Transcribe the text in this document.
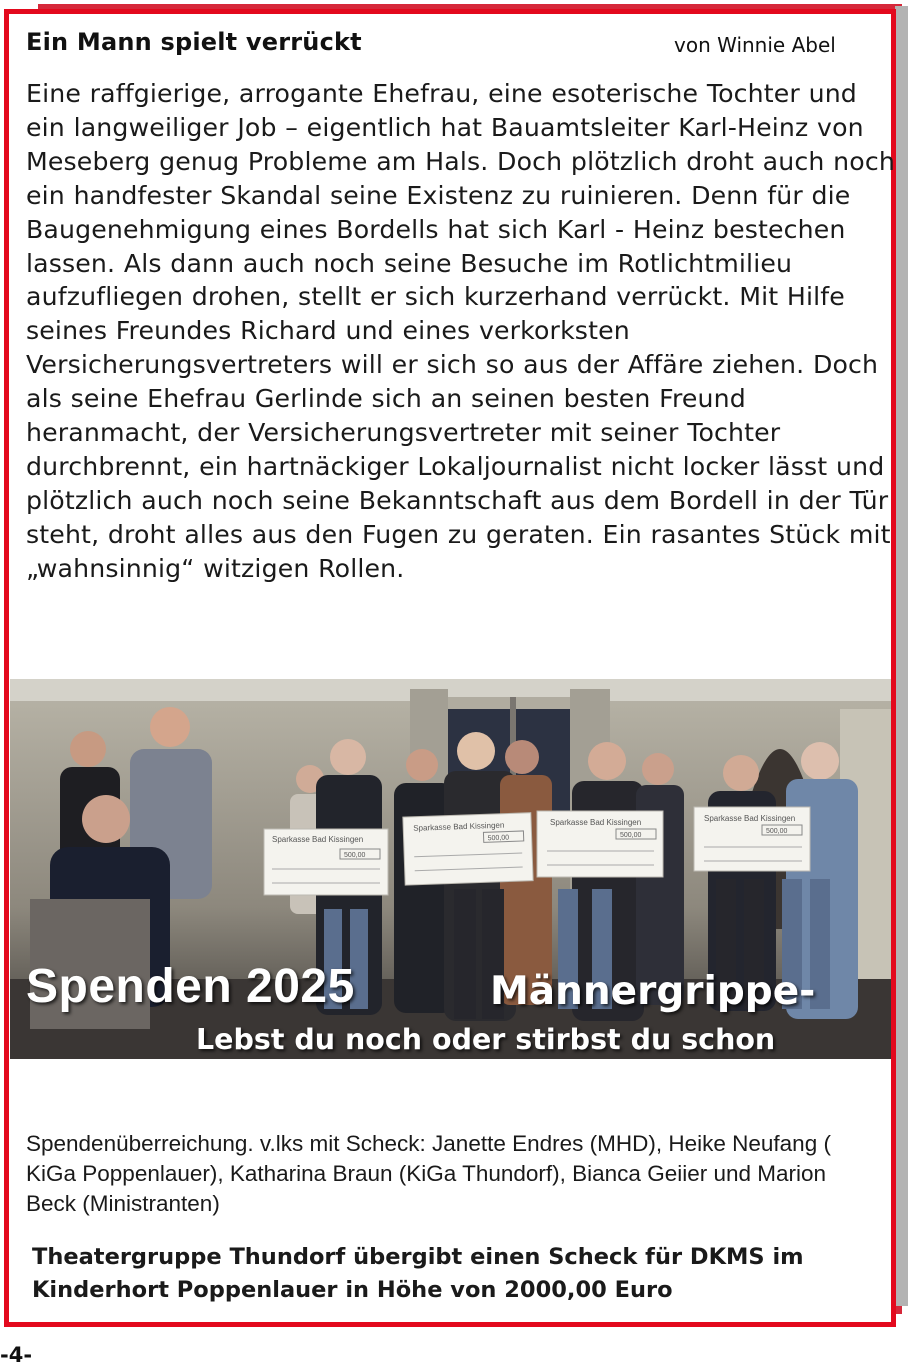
Ein Mann spielt verrückt	von Winnie Abel

Eine raffgierige, arrogante Ehefrau, eine esoterische Tochter und ein langweiliger Job – eigentlich hat Bauamtsleiter Karl-Heinz von Meseberg genug Probleme am Hals. Doch plötzlich droht auch noch ein handfester Skandal seine Existenz zu ruinieren. Denn für die Baugenehmigung eines Bordells hat sich Karl - Heinz bestechen lassen. Als dann auch noch seine Besuche im Rotlichtmilieu aufzufliegen drohen, stellt er sich kurzerhand verrückt. Mit Hilfe seines Freundes Richard und eines verkorksten Versicherungsvertreters will er sich so aus der Affäre ziehen. Doch als seine Ehefrau Gerlinde sich an seinen besten Freund heranmacht, der Versicherungsvertreter mit seiner Tochter durchbrennt, ein hartnäckiger Lokaljournalist nicht locker lässt und plötzlich auch noch seine Bekanntschaft aus dem Bordell in der Tür steht, droht alles aus den Fugen zu geraten. Ein rasantes Stück mit „wahnsinnig“ witzigen Rollen.

Sparkasse Bad Kissingen
500,00
Sparkasse Bad Kissingen
500,00
Sparkasse Bad Kissingen
500,00
Sparkasse Bad Kissingen
500,00
Spenden 2025	Männergrippe-
Lebst du noch oder stirbst du schon

Spendenüberreichung. v.lks mit Scheck: Janette Endres (MHD), Heike Neufang ( KiGa Poppenlauer), Katharina Braun (KiGa Thundorf), Bianca Geiier und Marion Beck (Ministranten)

Theatergruppe Thundorf übergibt einen Scheck für DKMS im Kinderhort Poppenlauer in Höhe von 2000,00 Euro

-4-
